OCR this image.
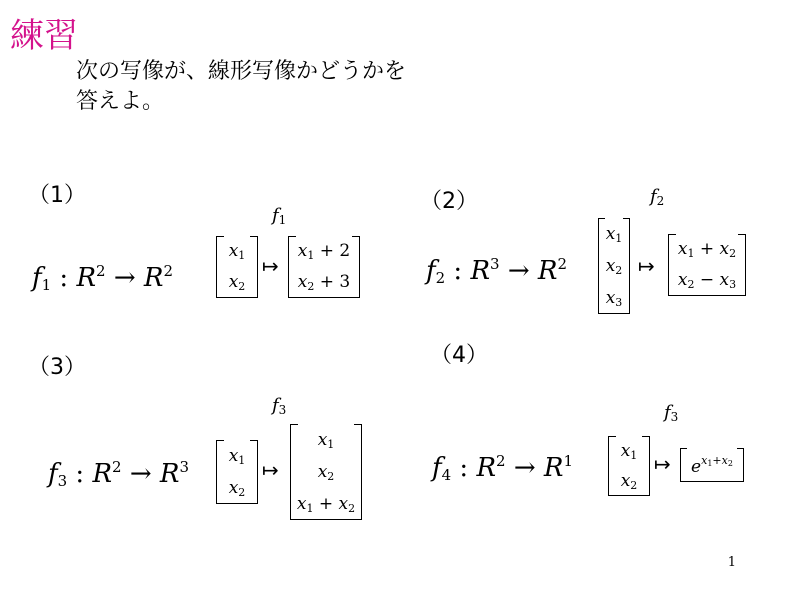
練習
次の写像が、線形写像かどうかを
答えよ。
（1）
$f_1$ : $R^2 \to R^2$
$f_1$
$x_1$
$x_2$
↦
$x_1 + 2$
$x_2 + 3$
（2）
$f_2$ : $R^3 \to R^2$
$f_2$
$x_1$
$x_2$
$x_3$
↦
$x_1 + x_2$
$x_2 - x_3$
（3）
$f_3$ : $R^2 \to R^3$
$f_3$
$x_1$
$x_2$
↦
$x_1$
$x_2$
$x_1 + x_2$
（4）
$f_4$ : $R^2 \to R^1$
$f_3$
$x_1$
$x_2$
↦ $e^{x_1+x_2}$
1
